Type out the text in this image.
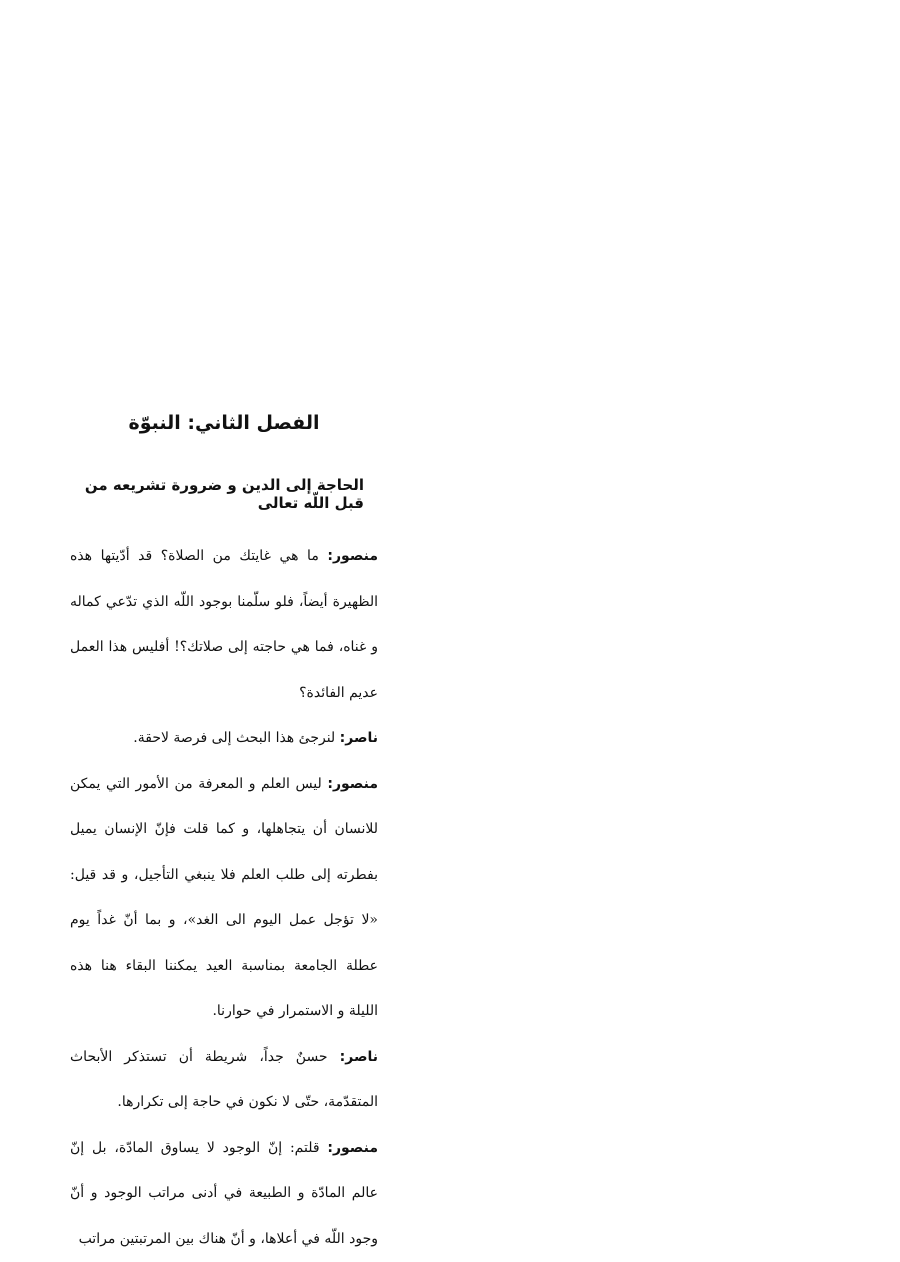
الفصل الثاني: النبوّة
الحاجة إلى الدين و ضرورة تشريعه من قبل اللّه تعالى

منصور: ما هي غايتك من الصلاة؟ قد أدّيتها هذه الظهيرة أيضاً، فلو سلّمنا بوجود اللّه الذي تدّعي كماله و غناه، فما هي حاجته إلى صلاتك؟! أفليس هذا العمل عديم الفائدة؟

ناصر: لنرجئ هذا البحث إلى فرصة لاحقة.

منصور: ليس العلم و المعرفة من الأمور التي يمكن للانسان أن يتجاهلها، و كما قلت فإنّ الإنسان يميل بفطرته إلى طلب العلم فلا ينبغي التأجيل، و قد قيل: «لا تؤجل عمل اليوم الى الغد»، و بما أنّ غداً يوم عطلة الجامعة بمناسبة العيد يمكننا البقاء هنا هذه الليلة و الاستمرار في حوارنا.

ناصر: حسنٌ جداً، شريطة أن تستذكر الأبحاث المتقدّمة، حتّى لا نكون في حاجة إلى تكرارها.

منصور: قلتم: إنّ الوجود لا يساوق المادّة، بل إنّ عالم المادّة و الطبيعة في أدنى مراتب الوجود و أنّ وجود اللّه في أعلاها، و أنّ هناك بين المرتبتين مراتب
